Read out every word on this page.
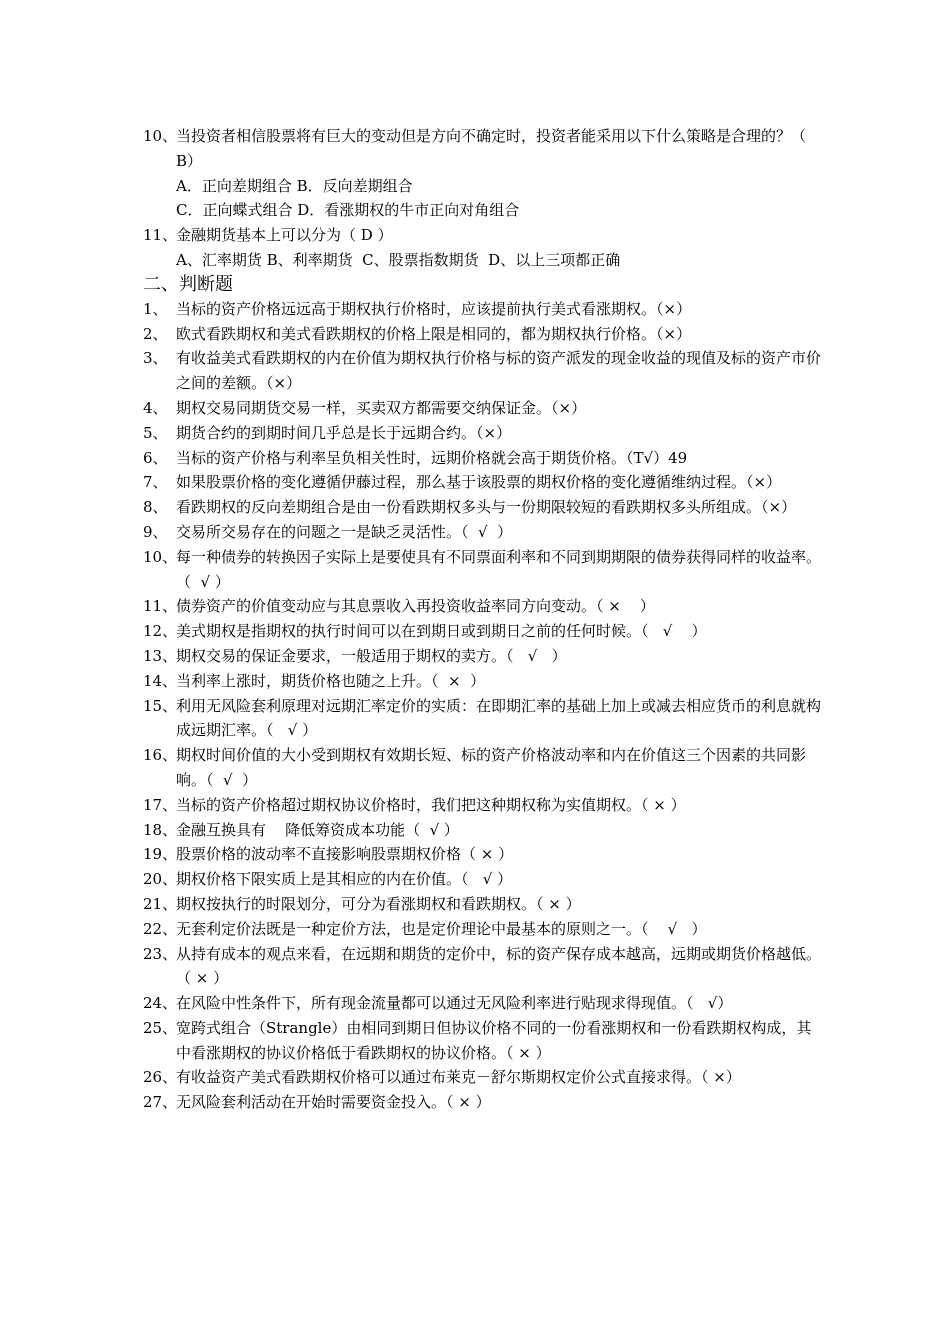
10、
当投资者相信股票将有巨大的变动但是方向不确定时，投资者能采用以下什么策略是合理的？（ B）
A．正向差期组合 B．反向差期组合
C．正向蝶式组合 D．看涨期权的牛市正向对角组合
11、
金融期货基本上可以分为（ D ）
A、汇率期货 B、利率期货  C、股票指数期货  D、以上三项都正确
二、判断题
1、 当标的资产价格远远高于期权执行价格时，应该提前执行美式看涨期权。（×）
2、 欧式看跌期权和美式看跌期权的价格上限是相同的，都为期权执行价格。（×）
3、 有收益美式看跌期权的内在价值为期权执行价格与标的资产派发的现金收益的现值及标的资产市价之间的差额。（×）
4、 期权交易同期货交易一样，买卖双方都需要交纳保证金。（×）
5、 期货合约的到期时间几乎总是长于远期合约。（×）
6、 当标的资产价格与利率呈负相关性时，远期价格就会高于期货价格。（T√）49
7、 如果股票价格的变化遵循伊藤过程，那么基于该股票的期权价格的变化遵循维纳过程。（×）
8、 看跌期权的反向差期组合是由一份看跌期权多头与一份期限较短的看跌期权多头所组成。（×）
9、 交易所交易存在的问题之一是缺乏灵活性。（  √  ）
10、
每一种债券的转换因子实际上是要使具有不同票面利率和不同到期期限的债券获得同样的收益率。（  √ ）
11、
债券资产的价值变动应与其息票收入再投资收益率同方向变动。（ ×    ）
12、
美式期权是指期权的执行时间可以在到期日或到期日之前的任何时候。（   √    ）
13、
期权交易的保证金要求，一般适用于期权的卖方。（   √   ）
14、
当利率上涨时，期货价格也随之上升。（  ×  ）
15、
利用无风险套利原理对远期汇率定价的实质：在即期汇率的基础上加上或减去相应货币的利息就构成远期汇率。（   √ ）
16、
期权时间价值的大小受到期权有效期长短、标的资产价格波动率和内在价值这三个因素的共同影响。（  √  ）
17、
当标的资产价格超过期权协议价格时，我们把这种期权称为实值期权。（ × ）
18、
金融互换具有    降低筹资成本功能（  √ ）
19、
股票价格的波动率不直接影响股票期权价格（ × ）
20、
期权价格下限实质上是其相应的内在价值。（   √ ）
21、
期权按执行的时限划分，可分为看涨期权和看跌期权。（ × ）
22、
无套利定价法既是一种定价方法，也是定价理论中最基本的原则之一。（    √   ）
23、
从持有成本的观点来看，在远期和期货的定价中，标的资产保存成本越高，远期或期货价格越低。（ × ）
24、
在风险中性条件下，所有现金流量都可以通过无风险利率进行贴现求得现值。（   √）
25、
宽跨式组合（Strangle）由相同到期日但协议价格不同的一份看涨期权和一份看跌期权构成，其中看涨期权的协议价格低于看跌期权的协议价格。（ × ）
26、
有收益资产美式看跌期权价格可以通过布莱克－舒尔斯期权定价公式直接求得。（ ×）
27、
无风险套利活动在开始时需要资金投入。（ × ）
